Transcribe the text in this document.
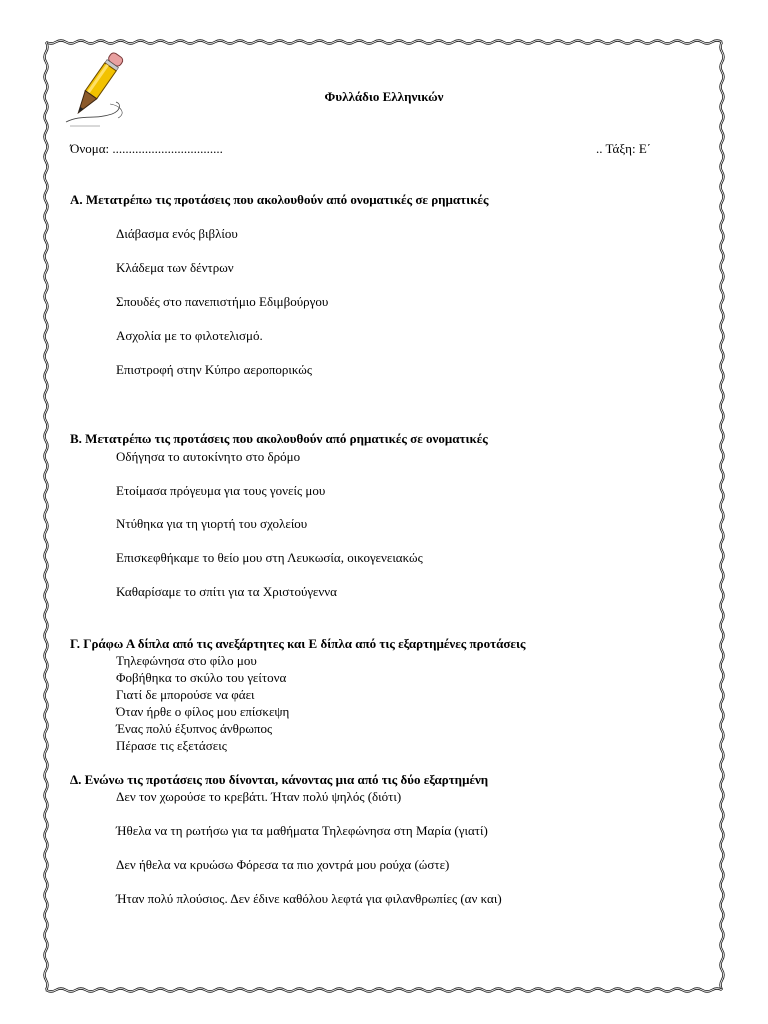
Φυλλάδιο Ελληνικών
Όνομα: ..................................	.. Τάξη: Ε΄
Α. Μετατρέπω τις προτάσεις που ακολουθούν από ονοματικές σε ρηματικές
Διάβασμα ενός βιβλίου
Κλάδεμα των δέντρων
Σπουδές στο πανεπιστήμιο Εδιμβούργου
Ασχολία με το φιλοτελισμό.
Επιστροφή στην Κύπρο αεροπορικώς
Β. Μετατρέπω τις προτάσεις που ακολουθούν από ρηματικές σε ονοματικές
Οδήγησα το αυτοκίνητο στο δρόμο
Ετοίμασα πρόγευμα για τους γονείς μου
Ντύθηκα για τη γιορτή του σχολείου
Επισκεφθήκαμε το θείο μου στη Λευκωσία, οικογενειακώς
Καθαρίσαμε το σπίτι για τα Χριστούγεννα
Γ. Γράφω Α δίπλα από τις ανεξάρτητες και Ε δίπλα από τις εξαρτημένες προτάσεις
Τηλεφώνησα στο φίλο μου
Φοβήθηκα το σκύλο του γείτονα
Γιατί δε μπορούσε να φάει
Όταν ήρθε ο φίλος μου επίσκεψη
Ένας πολύ έξυπνος άνθρωπος
Πέρασε τις εξετάσεις
Δ. Ενώνω τις προτάσεις που δίνονται, κάνοντας μια από τις δύο εξαρτημένη
Δεν τον χωρούσε το κρεβάτι. Ήταν πολύ ψηλός (διότι)
Ήθελα να τη ρωτήσω για τα μαθήματα Τηλεφώνησα στη Μαρία (γιατί)
Δεν ήθελα να κρυώσω Φόρεσα τα πιο χοντρά μου ρούχα (ώστε)
Ήταν πολύ πλούσιος. Δεν έδινε καθόλου λεφτά για φιλανθρωπίες (αν και)
